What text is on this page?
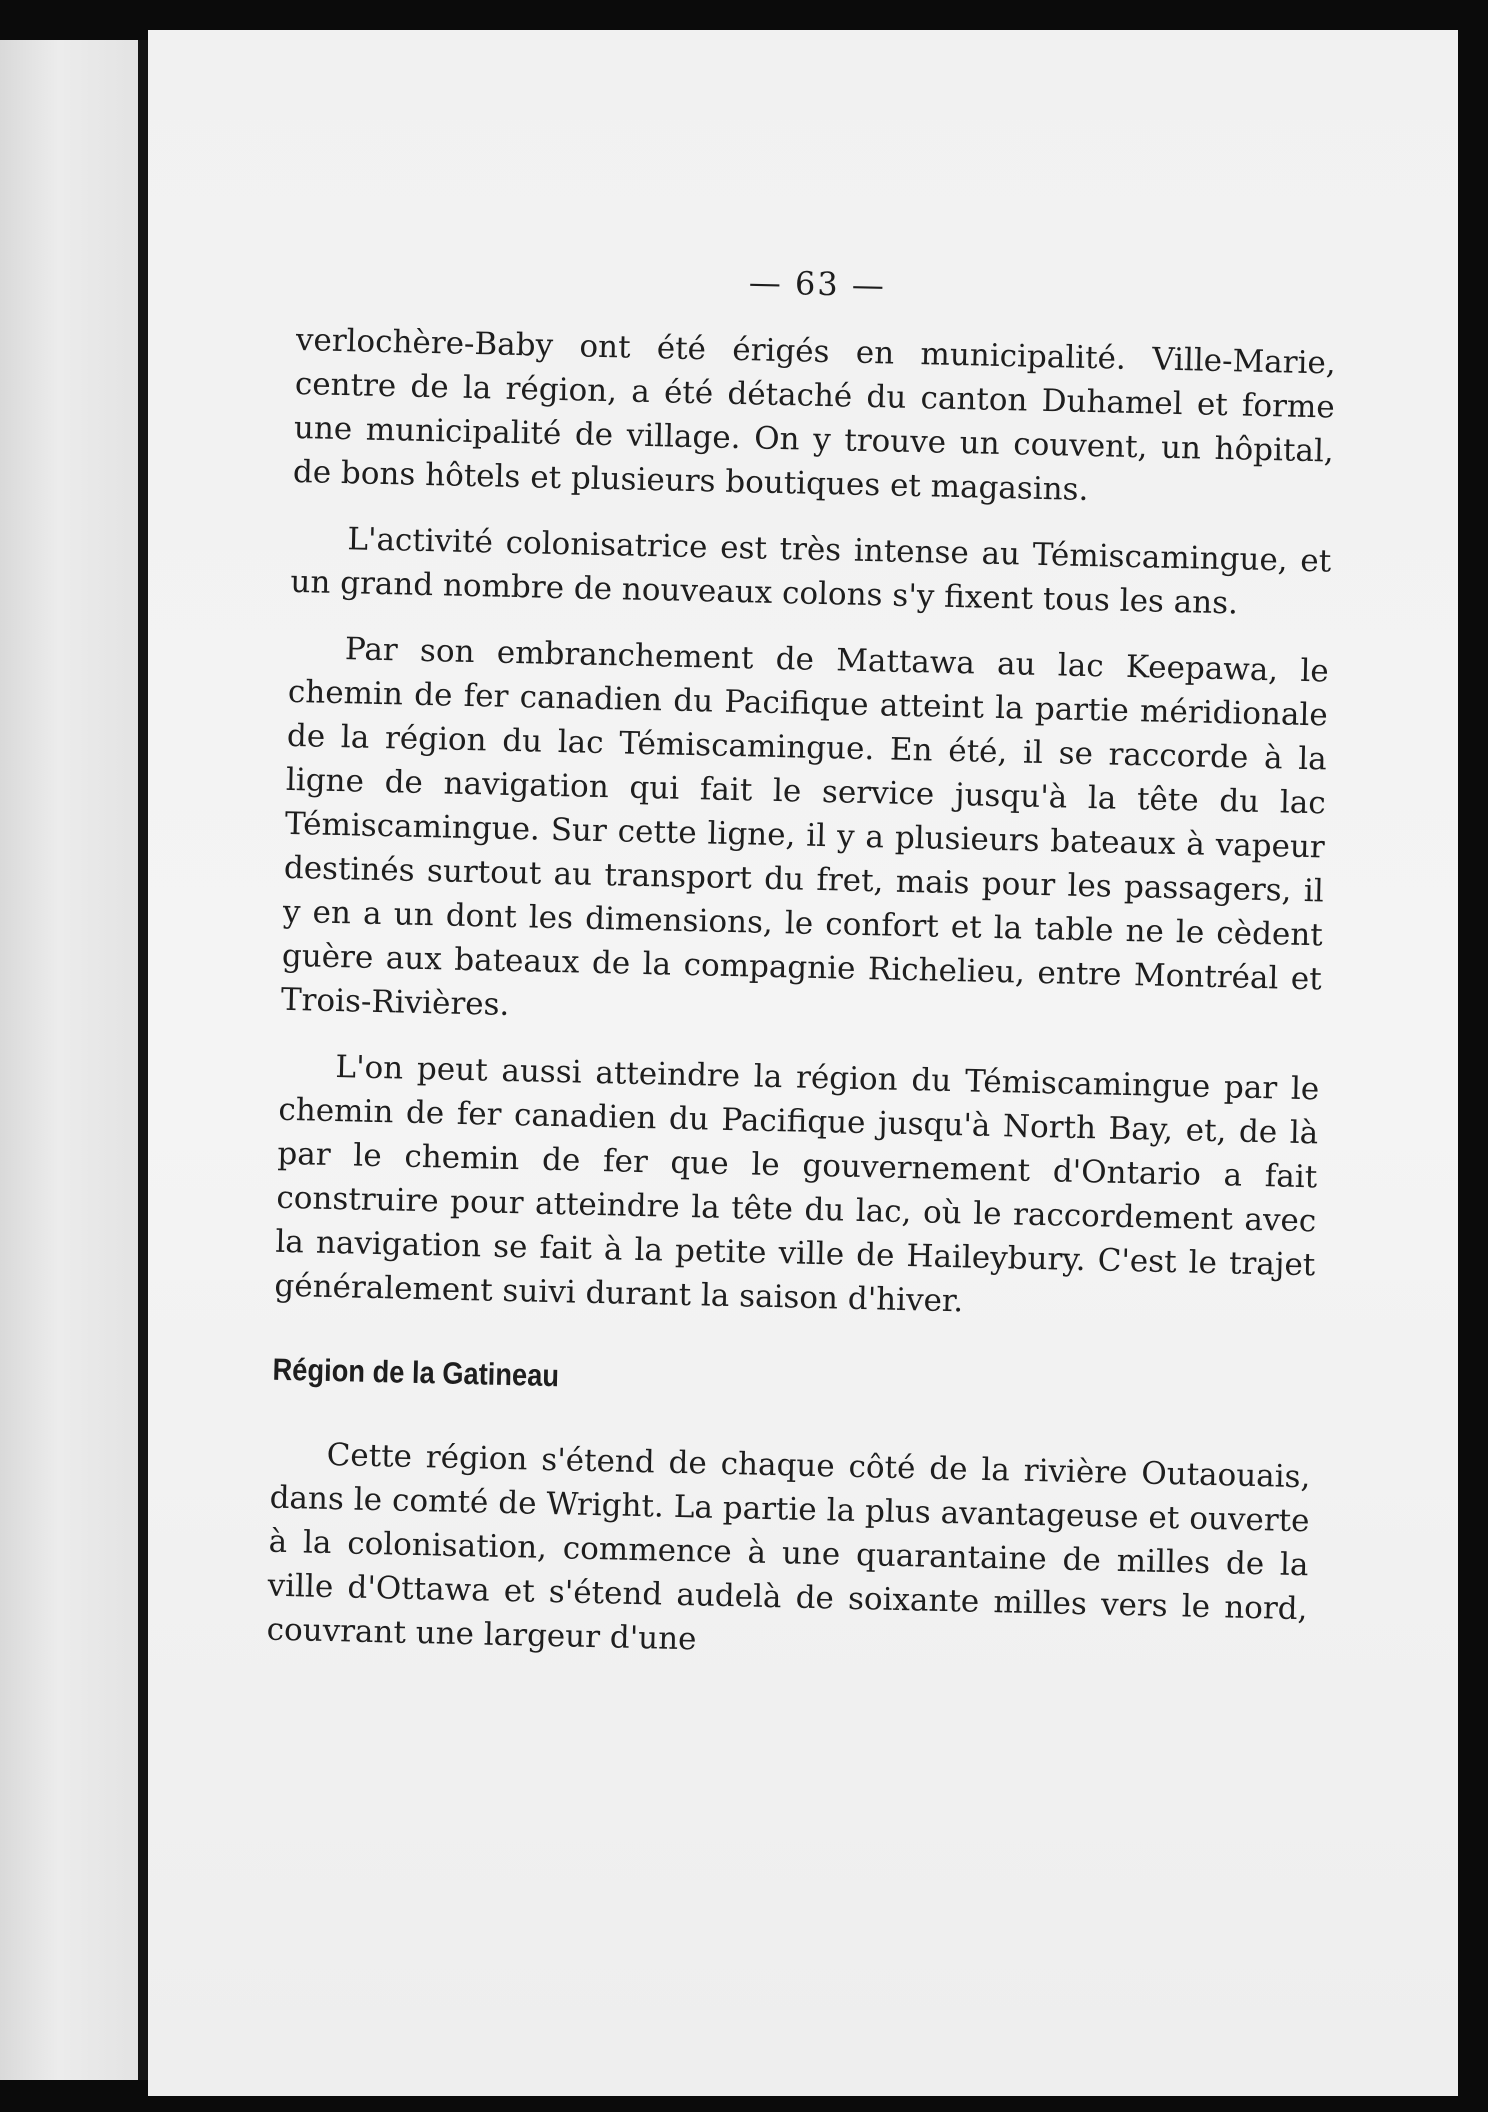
— 63 —

verlochère-Baby ont été érigés en municipalité. Ville-Marie, centre de la région, a été détaché du canton Duhamel et forme une municipalité de village. On y trouve un couvent, un hôpital, de bons hôtels et plusieurs boutiques et magasins.

L'activité colonisatrice est très intense au Témiscamingue, et un grand nombre de nouveaux colons s'y fixent tous les ans.

Par son embranchement de Mattawa au lac Keepawa, le chemin de fer canadien du Pacifique atteint la partie méridionale de la région du lac Témiscamingue. En été, il se raccorde à la ligne de navigation qui fait le service jusqu'à la tête du lac Témiscamingue. Sur cette ligne, il y a plusieurs bateaux à vapeur destinés surtout au transport du fret, mais pour les passagers, il y en a un dont les dimensions, le confort et la table ne le cèdent guère aux bateaux de la compagnie Richelieu, entre Montréal et Trois-Rivières.

L'on peut aussi atteindre la région du Témiscamingue par le chemin de fer canadien du Pacifique jusqu'à North Bay, et, de là par le chemin de fer que le gouvernement d'Ontario a fait construire pour atteindre la tête du lac, où le raccordement avec la navigation se fait à la petite ville de Haileybury. C'est le trajet généralement suivi durant la saison d'hiver.

Région de la Gatineau

Cette région s'étend de chaque côté de la rivière Outaouais, dans le comté de Wright. La partie la plus avantageuse et ouverte à la colonisation, commence à une quarantaine de milles de la ville d'Ottawa et s'étend audelà de soixante milles vers le nord, couvrant une largeur d'une
